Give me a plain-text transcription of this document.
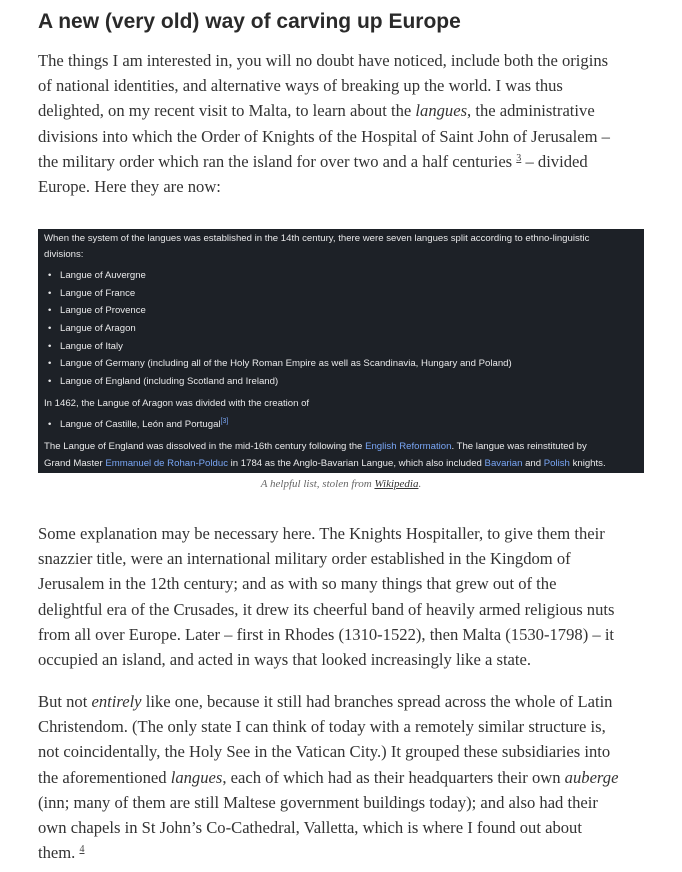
A new (very old) way of carving up Europe

The things I am interested in, you will no doubt have noticed, include both the origins
of national identities, and alternative ways of breaking up the world. I was thus
delighted, on my recent visit to Malta, to learn about the langues, the administrative
divisions into which the Order of Knights of the Hospital of Saint John of Jerusalem –
the military order which ran the island for over two and a half centuries $^3$ – divided
Europe. Here they are now:

When the system of the langues was established in the 14th century, there were seven langues split according to ethno-linguistic
divisions:
• Langue of Auvergne
• Langue of France
• Langue of Provence
• Langue of Aragon
• Langue of Italy
• Langue of Germany (including all of the Holy Roman Empire as well as Scandinavia, Hungary and Poland)
• Langue of England (including Scotland and Ireland)
In 1462, the Langue of Aragon was divided with the creation of
• Langue of Castille, León and Portugal[3]
The Langue of England was dissolved in the mid-16th century following the English Reformation. The langue was reinstituted by
Grand Master Emmanuel de Rohan-Polduc in 1784 as the Anglo-Bavarian Langue, which also included Bavarian and Polish knights.
A helpful list, stolen from Wikipedia.

Some explanation may be necessary here. The Knights Hospitaller, to give them their
snazzier title, were an international military order established in the Kingdom of
Jerusalem in the 12th century; and as with so many things that grew out of the
delightful era of the Crusades, it drew its cheerful band of heavily armed religious nuts
from all over Europe. Later – first in Rhodes (1310-1522), then Malta (1530-1798) – it
occupied an island, and acted in ways that looked increasingly like a state.

But not entirely like one, because it still had branches spread across the whole of Latin
Christendom. (The only state I can think of today with a remotely similar structure is,
not coincidentally, the Holy See in the Vatican City.) It grouped these subsidiaries into
the aforementioned langues, each of which had as their headquarters their own auberge
(inn; many of them are still Maltese government buildings today); and also had their
own chapels in St John’s Co-Cathedral, Valletta, which is where I found out about
them. $^4$
